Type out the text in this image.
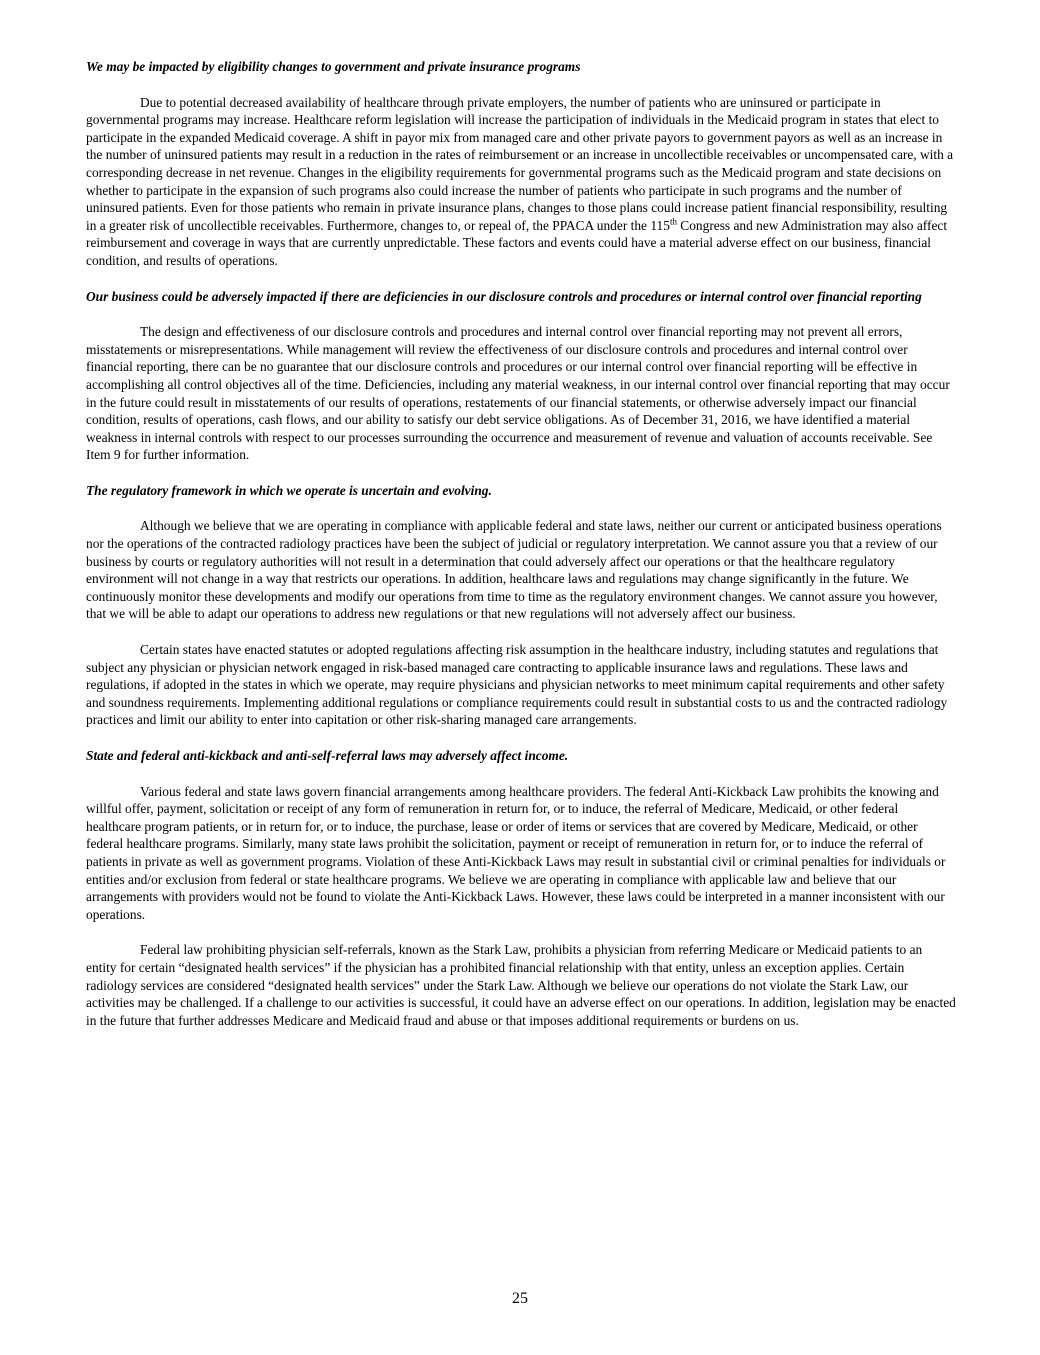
We may be impacted by eligibility changes to government and private insurance programs

Due to potential decreased availability of healthcare through private employers, the number of patients who are uninsured or participate in governmental programs may increase. Healthcare reform legislation will increase the participation of individuals in the Medicaid program in states that elect to participate in the expanded Medicaid coverage. A shift in payor mix from managed care and other private payors to government payors as well as an increase in the number of uninsured patients may result in a reduction in the rates of reimbursement or an increase in uncollectible receivables or uncompensated care, with a corresponding decrease in net revenue. Changes in the eligibility requirements for governmental programs such as the Medicaid program and state decisions on whether to participate in the expansion of such programs also could increase the number of patients who participate in such programs and the number of uninsured patients. Even for those patients who remain in private insurance plans, changes to those plans could increase patient financial responsibility, resulting in a greater risk of uncollectible receivables. Furthermore, changes to, or repeal of, the PPACA under the 115th Congress and new Administration may also affect reimbursement and coverage in ways that are currently unpredictable. These factors and events could have a material adverse effect on our business, financial condition, and results of operations.

Our business could be adversely impacted if there are deficiencies in our disclosure controls and procedures or internal control over financial reporting

The design and effectiveness of our disclosure controls and procedures and internal control over financial reporting may not prevent all errors, misstatements or misrepresentations. While management will review the effectiveness of our disclosure controls and procedures and internal control over financial reporting, there can be no guarantee that our disclosure controls and procedures or our internal control over financial reporting will be effective in accomplishing all control objectives all of the time. Deficiencies, including any material weakness, in our internal control over financial reporting that may occur in the future could result in misstatements of our results of operations, restatements of our financial statements, or otherwise adversely impact our financial condition, results of operations, cash flows, and our ability to satisfy our debt service obligations. As of December 31, 2016, we have identified a material weakness in internal controls with respect to our processes surrounding the occurrence and measurement of revenue and valuation of accounts receivable. See Item 9 for further information.

The regulatory framework in which we operate is uncertain and evolving.

Although we believe that we are operating in compliance with applicable federal and state laws, neither our current or anticipated business operations nor the operations of the contracted radiology practices have been the subject of judicial or regulatory interpretation. We cannot assure you that a review of our business by courts or regulatory authorities will not result in a determination that could adversely affect our operations or that the healthcare regulatory environment will not change in a way that restricts our operations. In addition, healthcare laws and regulations may change significantly in the future. We continuously monitor these developments and modify our operations from time to time as the regulatory environment changes. We cannot assure you however, that we will be able to adapt our operations to address new regulations or that new regulations will not adversely affect our business.

Certain states have enacted statutes or adopted regulations affecting risk assumption in the healthcare industry, including statutes and regulations that subject any physician or physician network engaged in risk-based managed care contracting to applicable insurance laws and regulations. These laws and regulations, if adopted in the states in which we operate, may require physicians and physician networks to meet minimum capital requirements and other safety and soundness requirements. Implementing additional regulations or compliance requirements could result in substantial costs to us and the contracted radiology practices and limit our ability to enter into capitation or other risk-sharing managed care arrangements.

State and federal anti-kickback and anti-self-referral laws may adversely affect income.

Various federal and state laws govern financial arrangements among healthcare providers. The federal Anti-Kickback Law prohibits the knowing and willful offer, payment, solicitation or receipt of any form of remuneration in return for, or to induce, the referral of Medicare, Medicaid, or other federal healthcare program patients, or in return for, or to induce, the purchase, lease or order of items or services that are covered by Medicare, Medicaid, or other federal healthcare programs. Similarly, many state laws prohibit the solicitation, payment or receipt of remuneration in return for, or to induce the referral of patients in private as well as government programs. Violation of these Anti-Kickback Laws may result in substantial civil or criminal penalties for individuals or entities and/or exclusion from federal or state healthcare programs. We believe we are operating in compliance with applicable law and believe that our arrangements with providers would not be found to violate the Anti-Kickback Laws. However, these laws could be interpreted in a manner inconsistent with our operations.

Federal law prohibiting physician self-referrals, known as the Stark Law, prohibits a physician from referring Medicare or Medicaid patients to an entity for certain “designated health services” if the physician has a prohibited financial relationship with that entity, unless an exception applies. Certain radiology services are considered “designated health services” under the Stark Law. Although we believe our operations do not violate the Stark Law, our activities may be challenged. If a challenge to our activities is successful, it could have an adverse effect on our operations. In addition, legislation may be enacted in the future that further addresses Medicare and Medicaid fraud and abuse or that imposes additional requirements or burdens on us.

25
